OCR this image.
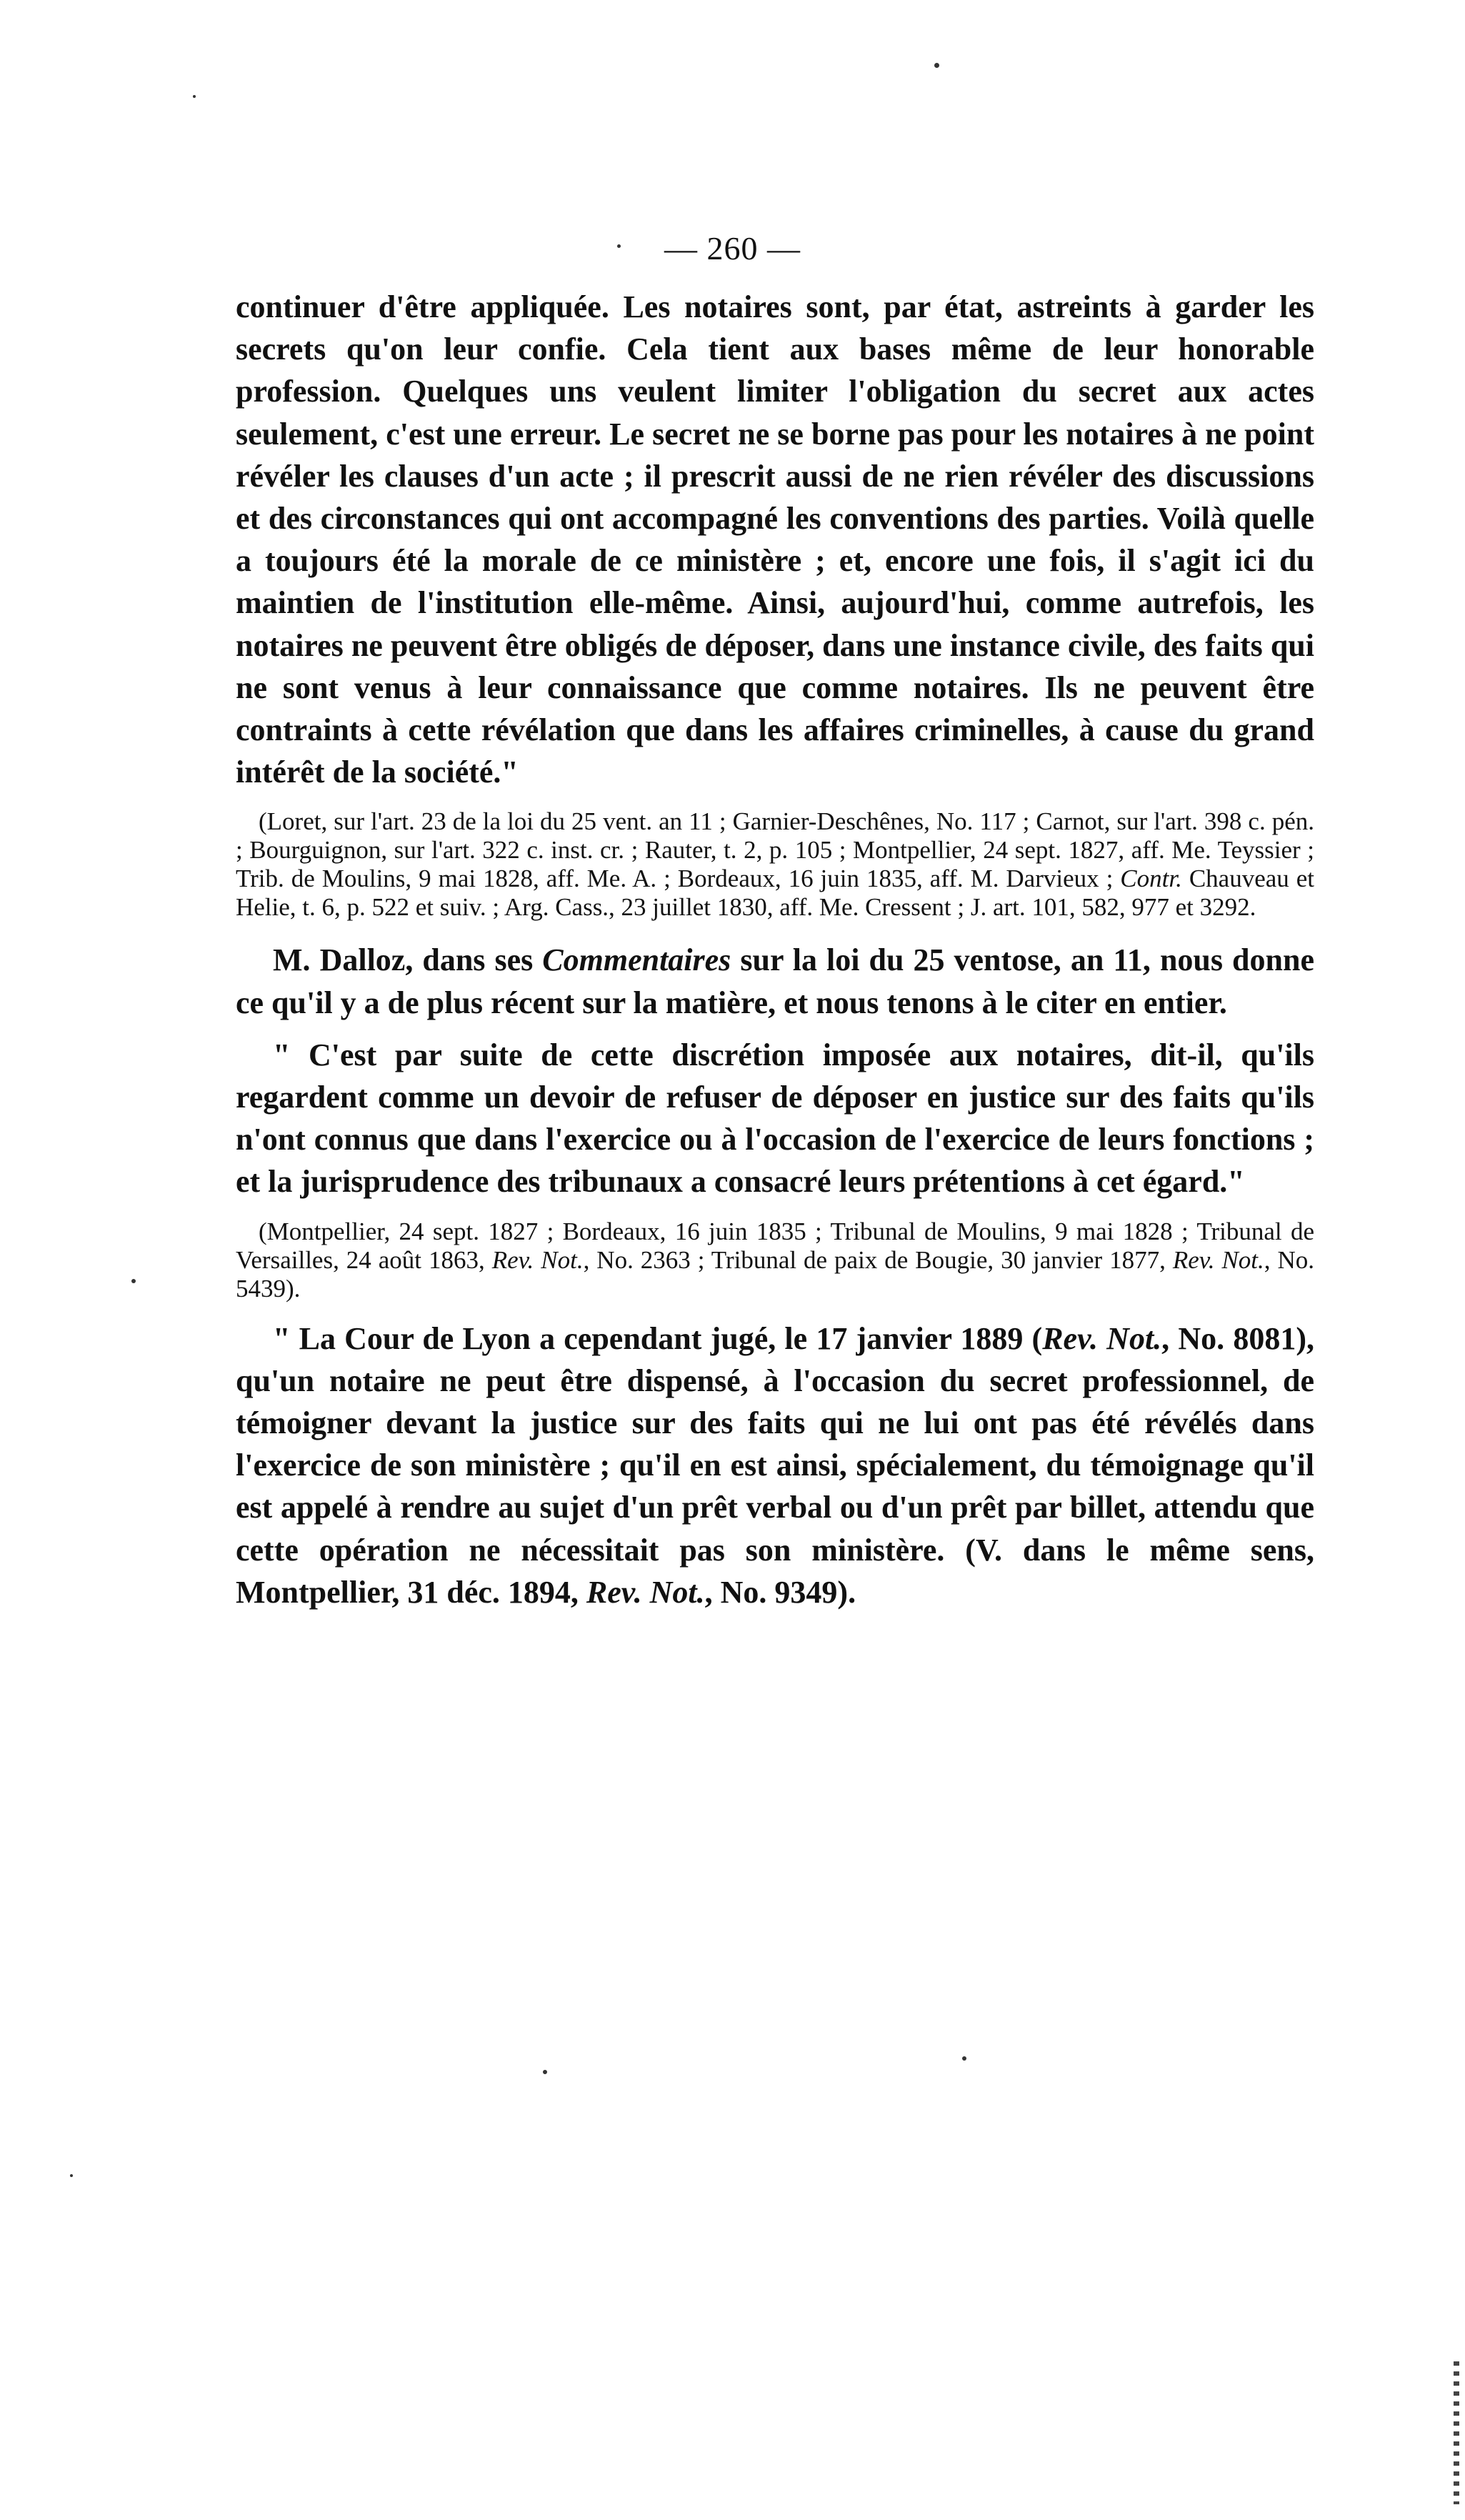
— 260 —

continuer d'être appliquée. Les notaires sont, par état, astreints à garder les secrets qu'on leur confie. Cela tient aux bases même de leur honorable profession. Quelques uns veulent limiter l'obligation du secret aux actes seulement, c'est une erreur. Le secret ne se borne pas pour les notaires à ne point révéler les clauses d'un acte ; il prescrit aussi de ne rien révéler des discussions et des circonstances qui ont accompagné les conventions des parties. Voilà quelle a toujours été la morale de ce ministère ; et, encore une fois, il s'agit ici du maintien de l'institution elle-même. Ainsi, aujourd'hui, comme autrefois, les notaires ne peuvent être obligés de déposer, dans une instance civile, des faits qui ne sont venus à leur connaissance que comme notaires. Ils ne peuvent être contraints à cette révélation que dans les affaires criminelles, à cause du grand intérêt de la société."

(Loret, sur l'art. 23 de la loi du 25 vent. an 11 ; Garnier-Deschênes, No. 117 ; Carnot, sur l'art. 398 c. pén. ; Bourguignon, sur l'art. 322 c. inst. cr. ; Rauter, t. 2, p. 105 ; Montpellier, 24 sept. 1827, aff. Me. Teyssier ; Trib. de Moulins, 9 mai 1828, aff. Me. A. ; Bordeaux, 16 juin 1835, aff. M. Darvieux ; Contr. Chauveau et Helie, t. 6, p. 522 et suiv. ; Arg. Cass., 23 juillet 1830, aff. Me. Cressent ; J. art. 101, 582, 977 et 3292.

M. Dalloz, dans ses Commentaires sur la loi du 25 ventose, an 11, nous donne ce qu'il y a de plus récent sur la matière, et nous tenons à le citer en entier.

" C'est par suite de cette discrétion imposée aux notaires, dit-il, qu'ils regardent comme un devoir de refuser de déposer en justice sur des faits qu'ils n'ont connus que dans l'exercice ou à l'occasion de l'exercice de leurs fonctions ; et la jurisprudence des tribunaux a consacré leurs prétentions à cet égard."

(Montpellier, 24 sept. 1827 ; Bordeaux, 16 juin 1835 ; Tribunal de Moulins, 9 mai 1828 ; Tribunal de Versailles, 24 août 1863, Rev. Not., No. 2363 ; Tribunal de paix de Bougie, 30 janvier 1877, Rev. Not., No. 5439).

" La Cour de Lyon a cependant jugé, le 17 janvier 1889 (Rev. Not., No. 8081), qu'un notaire ne peut être dispensé, à l'occasion du secret professionnel, de témoigner devant la justice sur des faits qui ne lui ont pas été révélés dans l'exercice de son ministère ; qu'il en est ainsi, spécialement, du témoignage qu'il est appelé à rendre au sujet d'un prêt verbal ou d'un prêt par billet, attendu que cette opération ne nécessitait pas son ministère. (V. dans le même sens, Montpellier, 31 déc. 1894, Rev. Not., No. 9349).
